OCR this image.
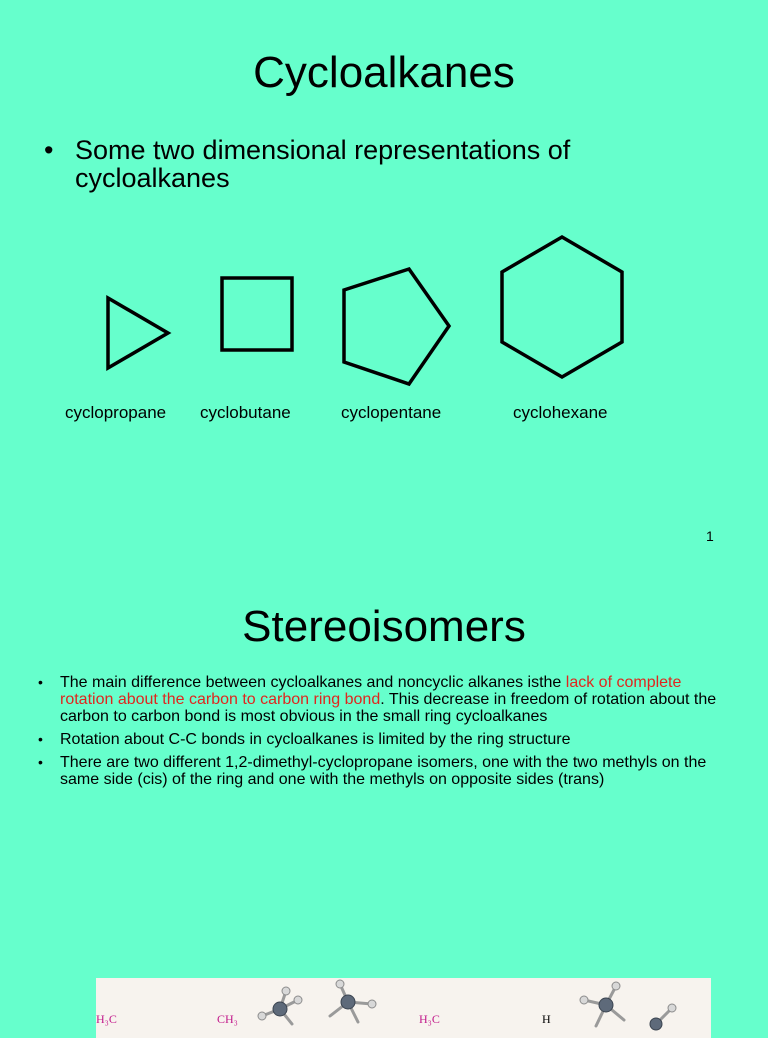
Cycloalkanes
• Some two dimensional representations of cycloalkanes
cyclopropane cyclobutane	cyclopentane	cyclohexane
1
Stereoisomers
• The main difference between cycloalkanes and noncyclic alkanes isthe lack of complete rotation about the carbon to carbon ring bond. This decrease in freedom of rotation about the carbon to carbon bond is most obvious in the small ring cycloalkanes
• Rotation about C-C bonds in cycloalkanes is limited by the ring structure
• There are two different 1,2-dimethyl-cyclopropane isomers, one with the two methyls on the same side (cis) of the ring and one with the methyls on opposite sides (trans)
H₃C	CH₃	H₃C	H
